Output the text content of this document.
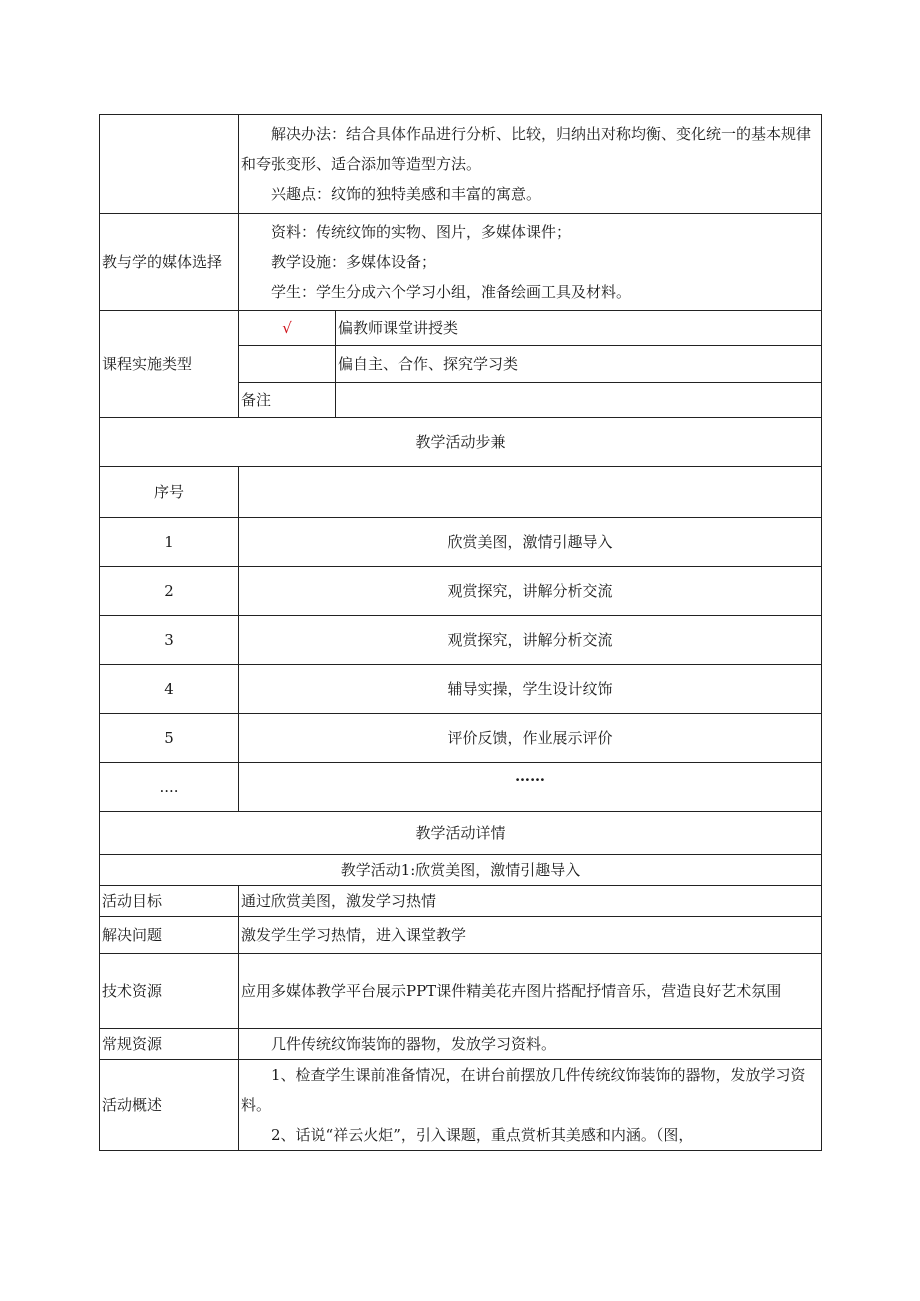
	解决办法：结合具体作品进行分析、比较，归纳出对称均衡、变化统一的基本规律和夸张变形、适合添加等造型方法。

兴趣点：纹饰的独特美感和丰富的寓意。	

教与学的媒体选择	资料：传统纹饰的实物、图片，多媒体课件；

教学设施：多媒体设备；

学生：学生分成六个学习小组，准备绘画工具及材料。	

课程实施类型	√	偏教师课堂讲授类
		偏自主、合作、探究学习类
	备注	
教学活动步兼		
序号		
1	欣赏美图，激情引趣导入	
2	观赏探究，讲解分析交流	
3	观赏探究，讲解分析交流	
4	辅导实操，学生设计纹饰	
5	评价反馈，作业展示评价	
....	……	
教学活动详情		
教学活动1:欣赏美图，激情引趣导入		
活动目标	通过欣赏美图，激发学习热情	
解决问题	激发学生学习热情，进入课堂教学	
技术资源	应用多媒体教学平台展示PPT课件精美花卉图片搭配抒情音乐，营造良好艺术氛围	
常规资源	几件传统纹饰装饰的器物，发放学习资料。	
活动概述	1、检查学生课前准备情况，在讲台前摆放几件传统纹饰装饰的器物，发放学习资料。

2、话说“祥云火炬”，引入课题，重点赏析其美感和内涵。（图，	
